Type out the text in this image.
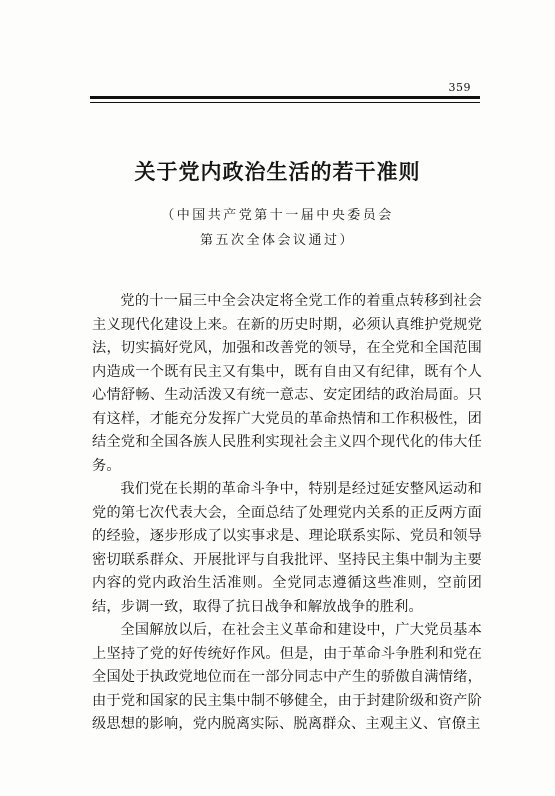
359
关于党内政治生活的若干准则
（中国共产党第十一届中央委员会
第五次全体会议通过）

党的十一届三中全会决定将全党工作的着重点转移到社会主义现代化建设上来。在新的历史时期，必须认真维护党规党法，切实搞好党风，加强和改善党的领导，在全党和全国范围内造成一个既有民主又有集中，既有自由又有纪律，既有个人心情舒畅、生动活泼又有统一意志、安定团结的政治局面。只有这样，才能充分发挥广大党员的革命热情和工作积极性，团结全党和全国各族人民胜利实现社会主义四个现代化的伟大任务。

我们党在长期的革命斗争中，特别是经过延安整风运动和党的第七次代表大会，全面总结了处理党内关系的正反两方面的经验，逐步形成了以实事求是、理论联系实际、党员和领导密切联系群众、开展批评与自我批评、坚持民主集中制为主要内容的党内政治生活准则。全党同志遵循这些准则，空前团结，步调一致，取得了抗日战争和解放战争的胜利。

全国解放以后，在社会主义革命和建设中，广大党员基本上坚持了党的好传统好作风。但是，由于革命斗争胜利和党在全国处于执政党地位而在一部分同志中产生的骄傲自满情绪，由于党和国家的民主集中制不够健全，由于封建阶级和资产阶级思想的影响，党内脱离实际、脱离群众、主观主义、官僚主
